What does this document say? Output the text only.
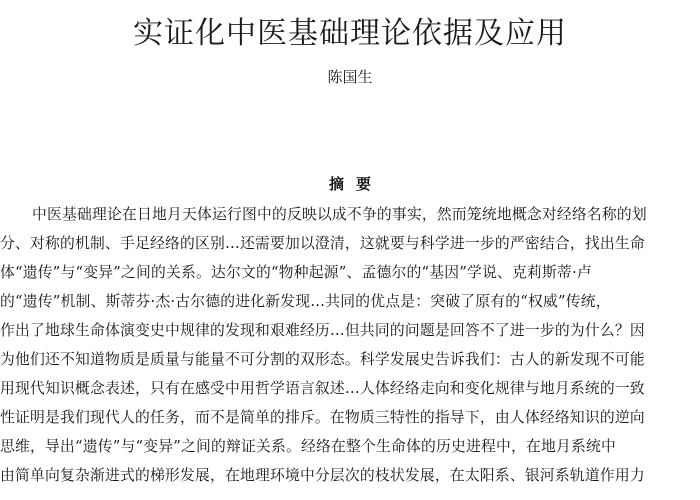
实证化中医基础理论依据及应用
陈国生
摘 要
中医基础理论在日地月天体运行图中的反映以成不争的事实，然而笼统地概念对经络名称的划
分、对称的机制、手足经络的区别…还需要加以澄清，这就要与科学进一步的严密结合，找出生命
体“遗传”与“变异”之间的关系。达尔文的“物种起源”、孟德尔的“基因”学说、克莉斯蒂·卢
的“遗传”机制、斯蒂芬·杰·古尔德的进化新发现…共同的优点是：突破了原有的“权威”传统，
作出了地球生命体演变史中规律的发现和艰难经历…但共同的问题是回答不了进一步的为什么？因
为他们还不知道物质是质量与能量不可分割的双形态。科学发展史告诉我们：古人的新发现不可能
用现代知识概念表述，只有在感受中用哲学语言叙述…人体经络走向和变化规律与地月系统的一致
性证明是我们现代人的任务，而不是简单的排斥。在物质三特性的指导下，由人体经络知识的逆向
思维，导出“遗传”与“变异”之间的辩证关系。经络在整个生命体的历史进程中，在地月系统中
由简单向复杂渐进式的梯形发展，在地理环境中分层次的枝状发展，在太阳系、银河系轨道作用力
